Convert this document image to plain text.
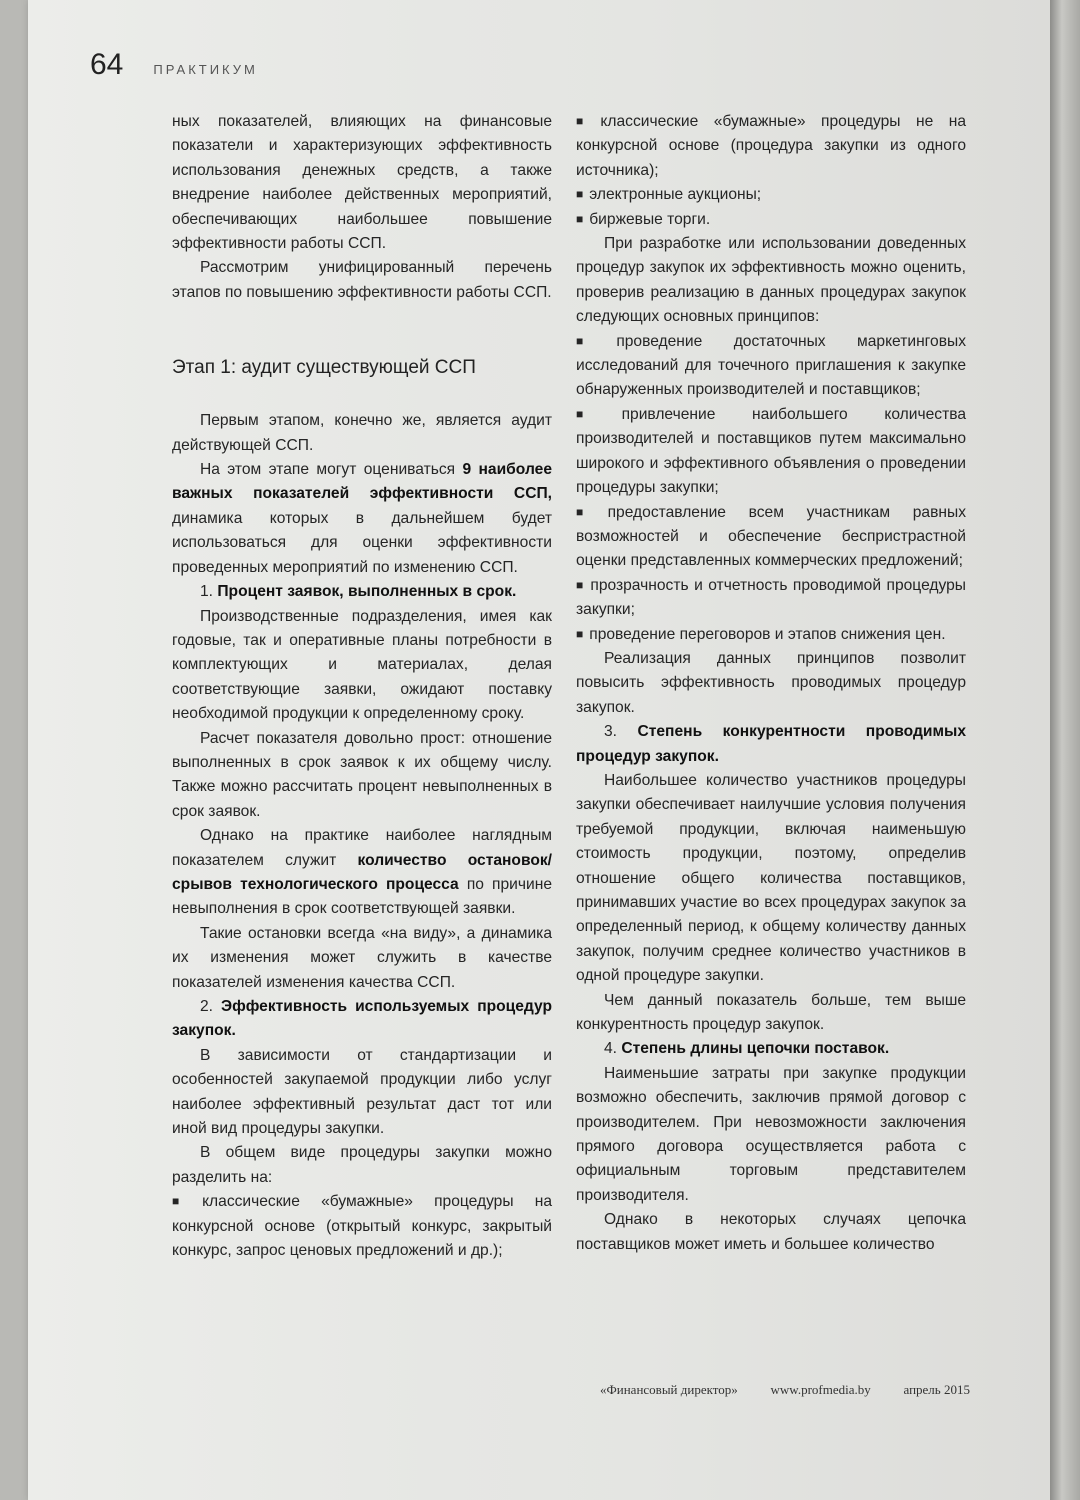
64 ПРАКТИКУМ

ных показателей, влияющих на финансовые показатели и характеризующих эффективность использования денежных средств, а также внедрение наиболее действенных мероприятий, обеспечивающих наибольшее повышение эффективности работы ССП.

Рассмотрим унифицированный перечень этапов по повышению эффективности работы ССП.

Этап 1: аудит существующей ССП

Первым этапом, конечно же, является аудит действующей ССП.

На этом этапе могут оцениваться 9 наиболее важных показателей эффективности ССП, динамика которых в дальнейшем будет использоваться для оценки эффективности проведенных мероприятий по изменению ССП.

1. Процент заявок, выполненных в срок.

Производственные подразделения, имея как годовые, так и оперативные планы потребности в комплектующих и материалах, делая соответствующие заявки, ожидают поставку необходимой продукции к определенному сроку.

Расчет показателя довольно прост: отношение выполненных в срок заявок к их общему числу. Также можно рассчитать процент невыполненных в срок заявок.

Однако на практике наиболее наглядным показателем служит количество остановок/срывов технологического процесса по причине невыполнения в срок соответствующей заявки.

Такие остановки всегда «на виду», а динамика их изменения может служить в качестве показателей изменения качества ССП.

2. Эффективность используемых процедур закупок.

В зависимости от стандартизации и особенностей закупаемой продукции либо услуг наиболее эффективный результат даст тот или иной вид процедуры закупки.

В общем виде процедуры закупки можно разделить на:

■ классические «бумажные» процедуры на конкурсной основе (открытый конкурс, закрытый конкурс, запрос ценовых предложений и др.);

■ классические «бумажные» процедуры не на конкурсной основе (процедура закупки из одного источника);

■ электронные аукционы;

■ биржевые торги.

При разработке или использовании доведенных процедур закупок их эффективность можно оценить, проверив реализацию в данных процедурах закупок следующих основных принципов:

■ проведение достаточных маркетинговых исследований для точечного приглашения к закупке обнаруженных производителей и поставщиков;

■ привлечение наибольшего количества производителей и поставщиков путем максимально широкого и эффективного объявления о проведении процедуры закупки;

■ предоставление всем участникам равных возможностей и обеспечение беспристрастной оценки представленных коммерческих предложений;

■ прозрачность и отчетность проводимой процедуры закупки;

■ проведение переговоров и этапов снижения цен.

Реализация данных принципов позволит повысить эффективность проводимых процедур закупок.

3. Степень конкурентности проводимых процедур закупок.

Наибольшее количество участников процедуры закупки обеспечивает наилучшие условия получения требуемой продукции, включая наименьшую стоимость продукции, поэтому, определив отношение общего количества поставщиков, принимавших участие во всех процедурах закупок за определенный период, к общему количеству данных закупок, получим среднее количество участников в одной процедуре закупки.

Чем данный показатель больше, тем выше конкурентность процедур закупок.

4. Степень длины цепочки поставок.

Наименьшие затраты при закупке продукции возможно обеспечить, заключив прямой договор с производителем. При невозможности заключения прямого договора осуществляется работа с официальным торговым представителем производителя.

Однако в некоторых случаях цепочка поставщиков может иметь и большее количество

«Финансовый директор»	www.profmedia.by	апрель 2015
